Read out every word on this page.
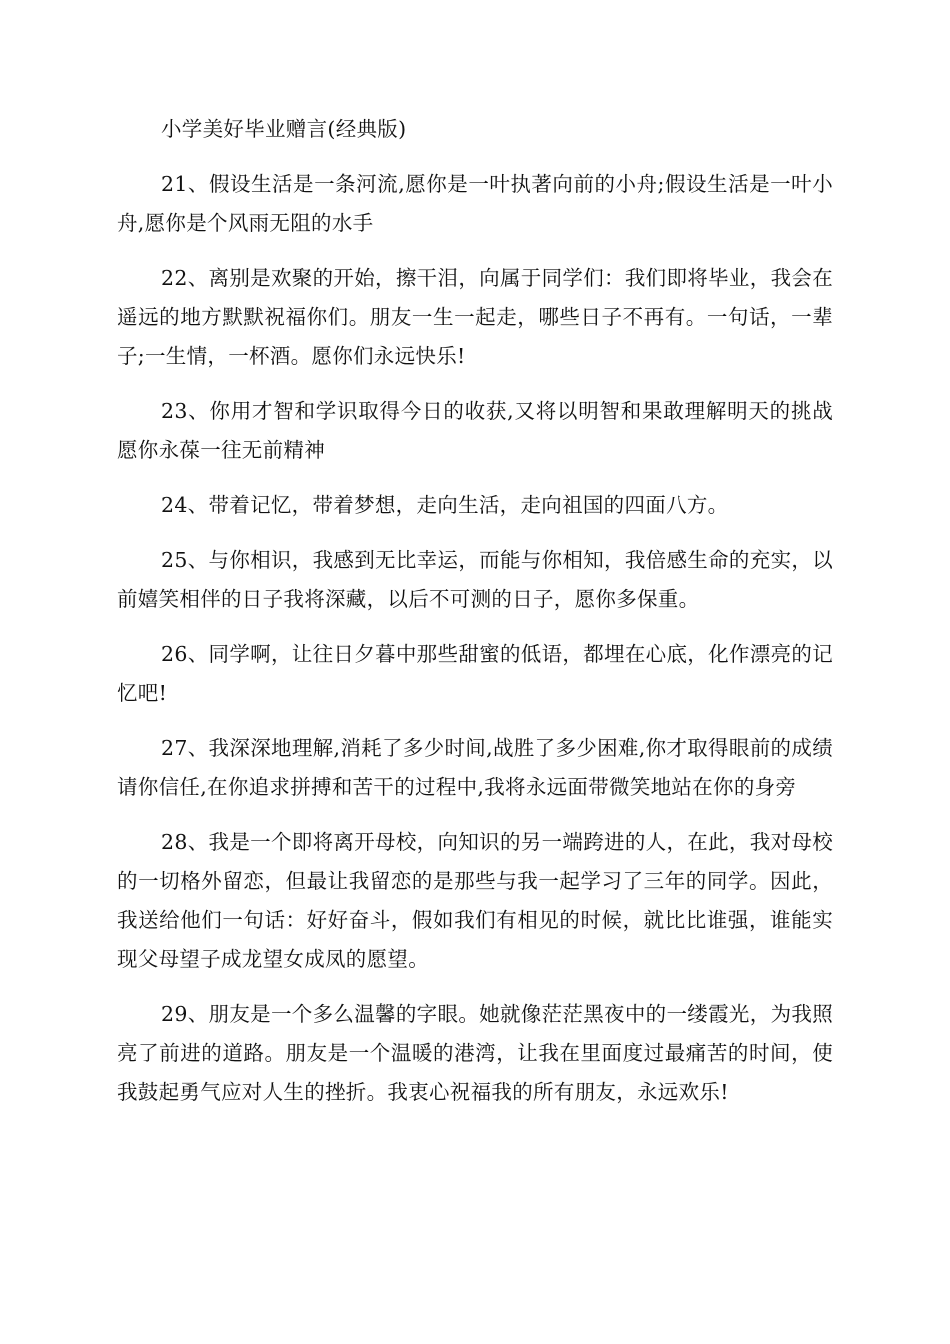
小学美好毕业赠言(经典版)

21、假设生活是一条河流,愿你是一叶执著向前的小舟;假设生活是一叶小舟,愿你是个风雨无阻的水手

22、离别是欢聚的开始，擦干泪，向属于同学们：我们即将毕业，我会在遥远的地方默默祝福你们。朋友一生一起走，哪些日子不再有。一句话，一辈子;一生情，一杯酒。愿你们永远快乐!

23、你用才智和学识取得今日的收获,又将以明智和果敢理解明天的挑战愿你永葆一往无前精神

24、带着记忆，带着梦想，走向生活，走向祖国的四面八方。

25、与你相识，我感到无比幸运，而能与你相知，我倍感生命的充实，以前嬉笑相伴的日子我将深藏，以后不可测的日子，愿你多保重。

26、同学啊，让往日夕暮中那些甜蜜的低语，都埋在心底，化作漂亮的记忆吧!

27、我深深地理解,消耗了多少时间,战胜了多少困难,你才取得眼前的成绩请你信任,在你追求拼搏和苦干的过程中,我将永远面带微笑地站在你的身旁

28、我是一个即将离开母校，向知识的另一端跨进的人，在此，我对母校的一切格外留恋，但最让我留恋的是那些与我一起学习了三年的同学。因此，我送给他们一句话：好好奋斗，假如我们有相见的时候，就比比谁强，谁能实现父母望子成龙望女成凤的愿望。

29、朋友是一个多么温馨的字眼。她就像茫茫黑夜中的一缕霞光，为我照亮了前进的道路。朋友是一个温暖的港湾，让我在里面度过最痛苦的时间，使我鼓起勇气应对人生的挫折。我衷心祝福我的所有朋友，永远欢乐!
